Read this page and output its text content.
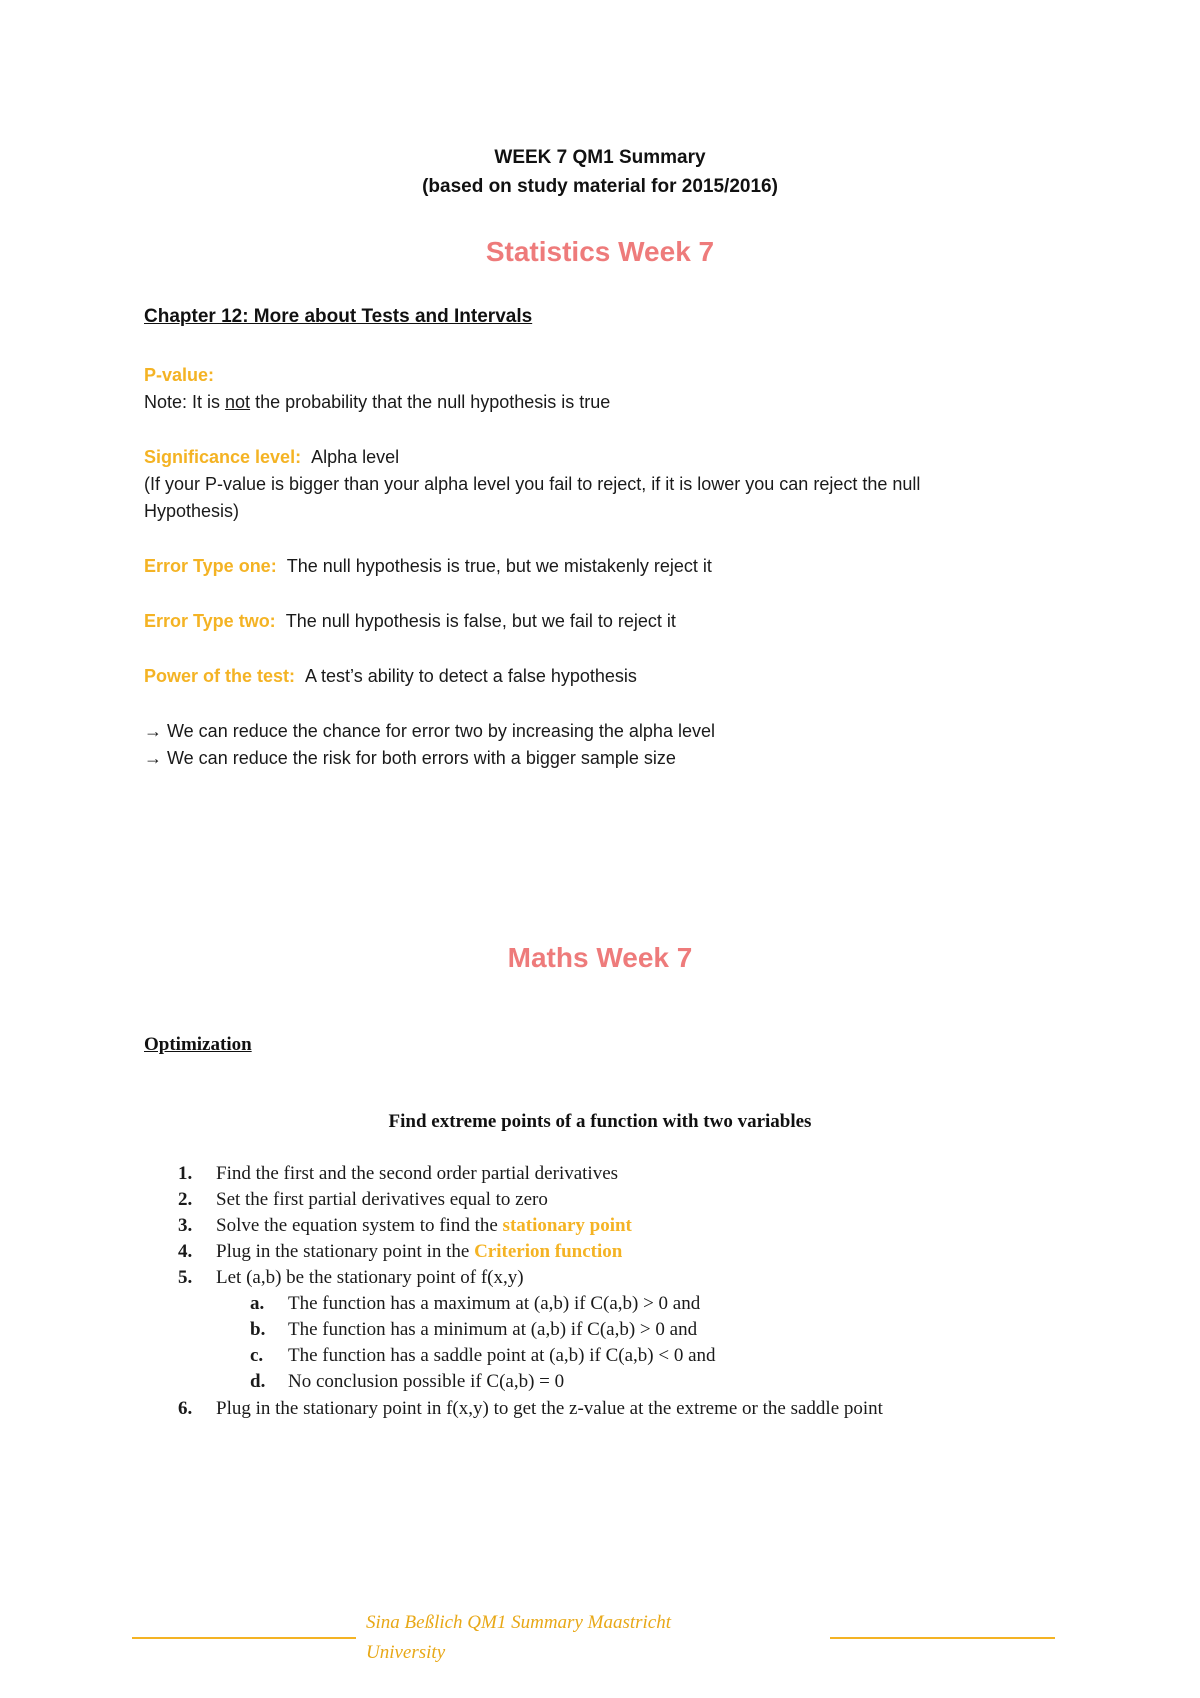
WEEK 7 QM1 Summary
(based on study material for 2015/2016)
Statistics Week 7
Chapter 12: More about Tests and Intervals
P-value:
Note: It is not the probability that the null hypothesis is true
Significance level: Alpha level
(If your P-value is bigger than your alpha level you fail to reject, if it is lower you can reject the null
Hypothesis)
Error Type one: The null hypothesis is true, but we mistakenly reject it
Error Type two: The null hypothesis is false, but we fail to reject it
Power of the test: A test’s ability to detect a false hypothesis
→ We can reduce the chance for error two by increasing the alpha level
→ We can reduce the risk for both errors with a bigger sample size
Maths Week 7
Optimization
Find extreme points of a function with two variables
1. Find the first and the second order partial derivatives
2. Set the first partial derivatives equal to zero
3. Solve the equation system to find the stationary point
4. Plug in the stationary point in the Criterion function
5. Let (a,b) be the stationary point of f(x,y)
a. The function has a maximum at (a,b) if C(a,b) > 0 and
b. The function has a minimum at (a,b) if C(a,b) > 0 and
c. The function has a saddle point at (a,b) if C(a,b) < 0 and
d. No conclusion possible if C(a,b) = 0
6. Plug in the stationary point in f(x,y) to get the z-value at the extreme or the saddle point
Sina Beßlich QM1 Summary Maastricht
University
